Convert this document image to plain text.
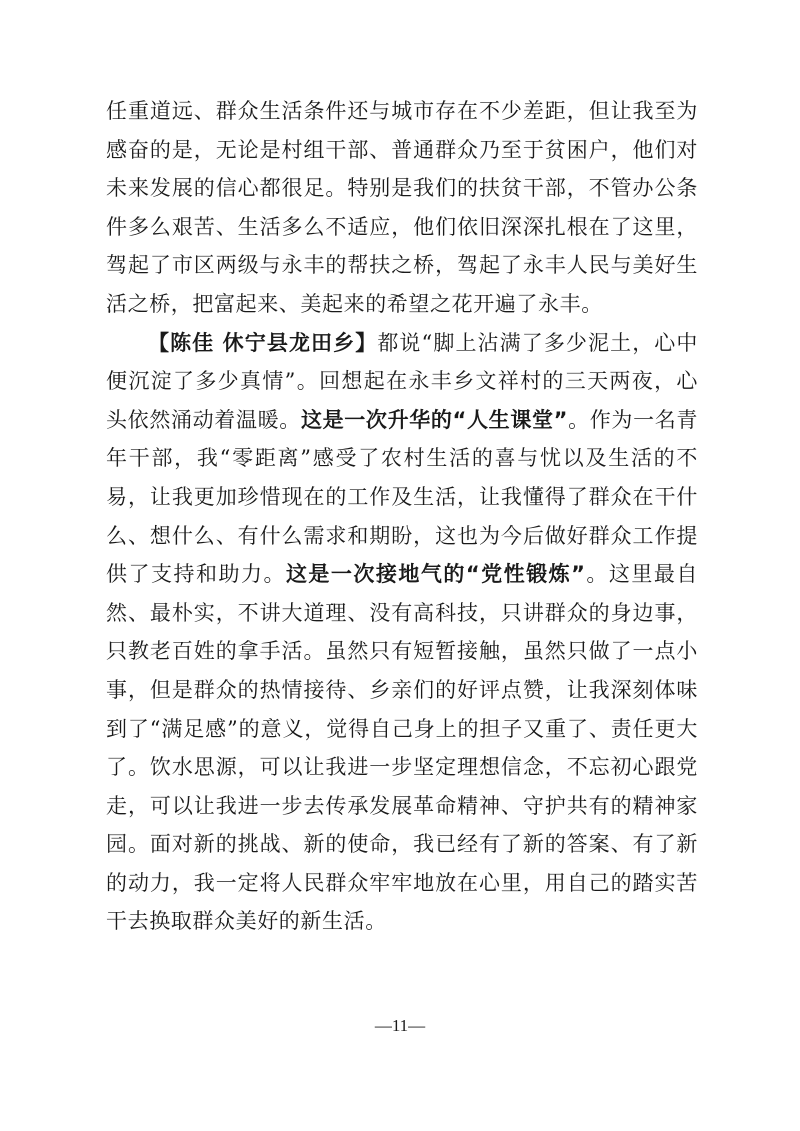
任重道远、群众生活条件还与城市存在不少差距，但让我至为感奋的是，无论是村组干部、普通群众乃至于贫困户，他们对未来发展的信心都很足。特别是我们的扶贫干部，不管办公条件多么艰苦、生活多么不适应，他们依旧深深扎根在了这里，驾起了市区两级与永丰的帮扶之桥，驾起了永丰人民与美好生活之桥，把富起来、美起来的希望之花开遍了永丰。

【陈佳 休宁县龙田乡】都说“脚上沾满了多少泥土，心中便沉淀了多少真情”。回想起在永丰乡文祥村的三天两夜，心头依然涌动着温暖。这是一次升华的“人生课堂”。作为一名青年干部，我“零距离”感受了农村生活的喜与忧以及生活的不易，让我更加珍惜现在的工作及生活，让我懂得了群众在干什么、想什么、有什么需求和期盼，这也为今后做好群众工作提供了支持和助力。这是一次接地气的“党性锻炼”。这里最自然、最朴实，不讲大道理、没有高科技，只讲群众的身边事，只教老百姓的拿手活。虽然只有短暂接触，虽然只做了一点小事，但是群众的热情接待、乡亲们的好评点赞，让我深刻体味到了“满足感”的意义，觉得自己身上的担子又重了、责任更大了。饮水思源，可以让我进一步坚定理想信念，不忘初心跟党走，可以让我进一步去传承发展革命精神、守护共有的精神家园。面对新的挑战、新的使命，我已经有了新的答案、有了新的动力，我一定将人民群众牢牢地放在心里，用自己的踏实苦干去换取群众美好的新生活。

—11—
